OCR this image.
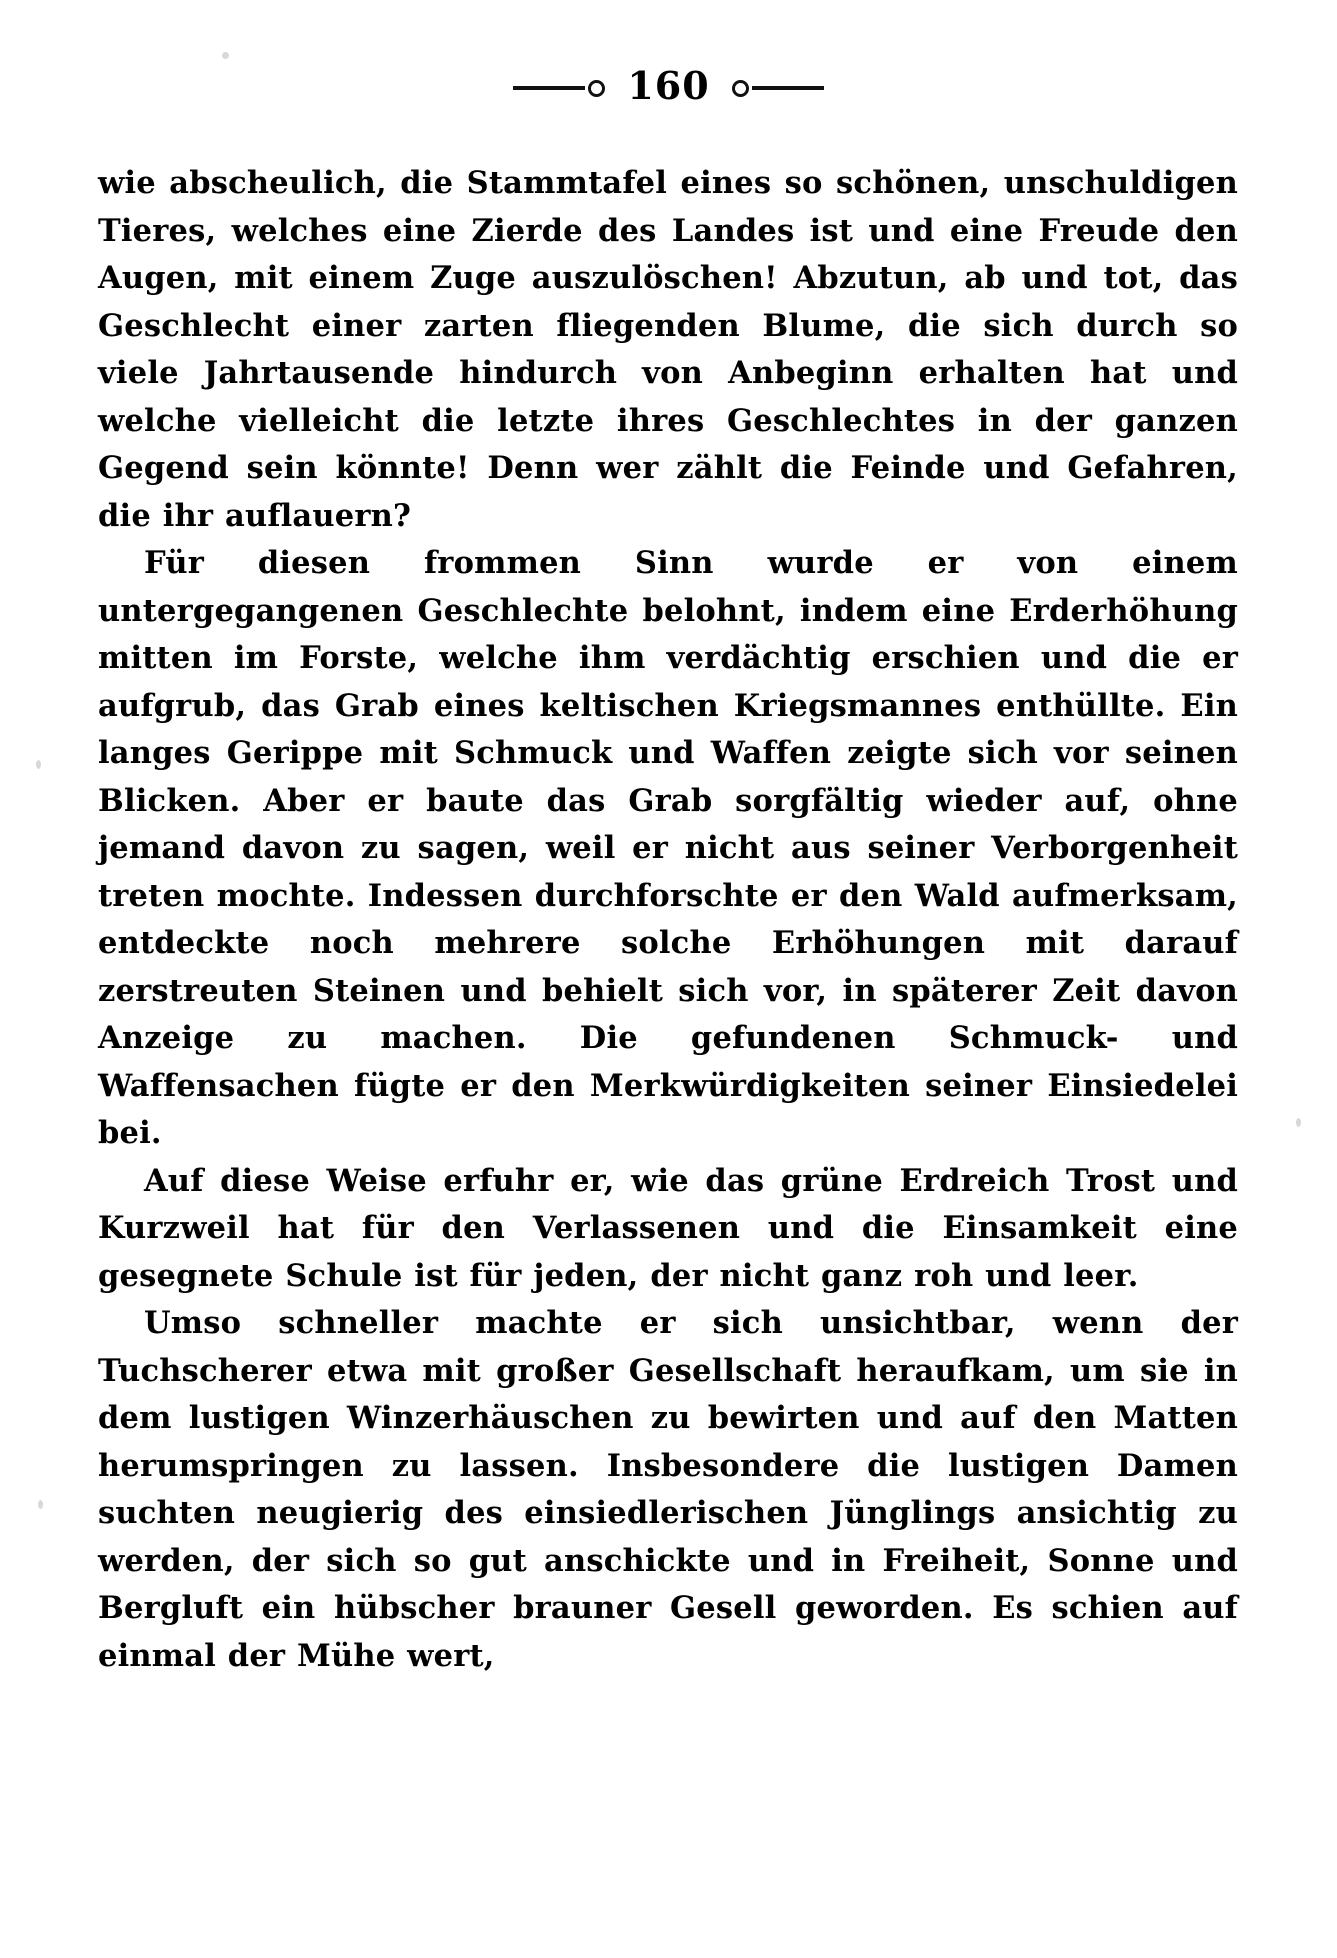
160

wie abscheulich, die Stammtafel eines so schönen, unschuldigen Tieres, welches eine Zierde des Landes ist und eine Freude den Augen, mit einem Zuge auszulöschen! Abzutun, ab und tot, das Geschlecht einer zarten fliegenden Blume, die sich durch so viele Jahrtausende hindurch von Anbeginn erhalten hat und welche vielleicht die letzte ihres Geschlechtes in der ganzen Gegend sein könnte! Denn wer zählt die Feinde und Gefahren, die ihr auflauern?

Für diesen frommen Sinn wurde er von einem untergegangenen Geschlechte belohnt, indem eine Erderhöhung mitten im Forste, welche ihm verdächtig erschien und die er aufgrub, das Grab eines keltischen Kriegsmannes enthüllte. Ein langes Gerippe mit Schmuck und Waffen zeigte sich vor seinen Blicken. Aber er baute das Grab sorgfältig wieder auf, ohne jemand davon zu sagen, weil er nicht aus seiner Verborgenheit treten mochte. Indessen durchforschte er den Wald aufmerksam, entdeckte noch mehrere solche Erhöhungen mit darauf zerstreuten Steinen und behielt sich vor, in späterer Zeit davon Anzeige zu machen. Die gefundenen Schmuck- und Waffensachen fügte er den Merkwürdigkeiten seiner Einsiedelei bei.

Auf diese Weise erfuhr er, wie das grüne Erdreich Trost und Kurzweil hat für den Verlassenen und die Einsamkeit eine gesegnete Schule ist für jeden, der nicht ganz roh und leer.

Umso schneller machte er sich unsichtbar, wenn der Tuchscherer etwa mit großer Gesellschaft heraufkam, um sie in dem lustigen Winzerhäuschen zu bewirten und auf den Matten herumspringen zu lassen. Insbesondere die lustigen Damen suchten neugierig des einsiedlerischen Jünglings ansichtig zu werden, der sich so gut anschickte und in Freiheit, Sonne und Bergluft ein hübscher brauner Gesell geworden. Es schien auf einmal der Mühe wert,
